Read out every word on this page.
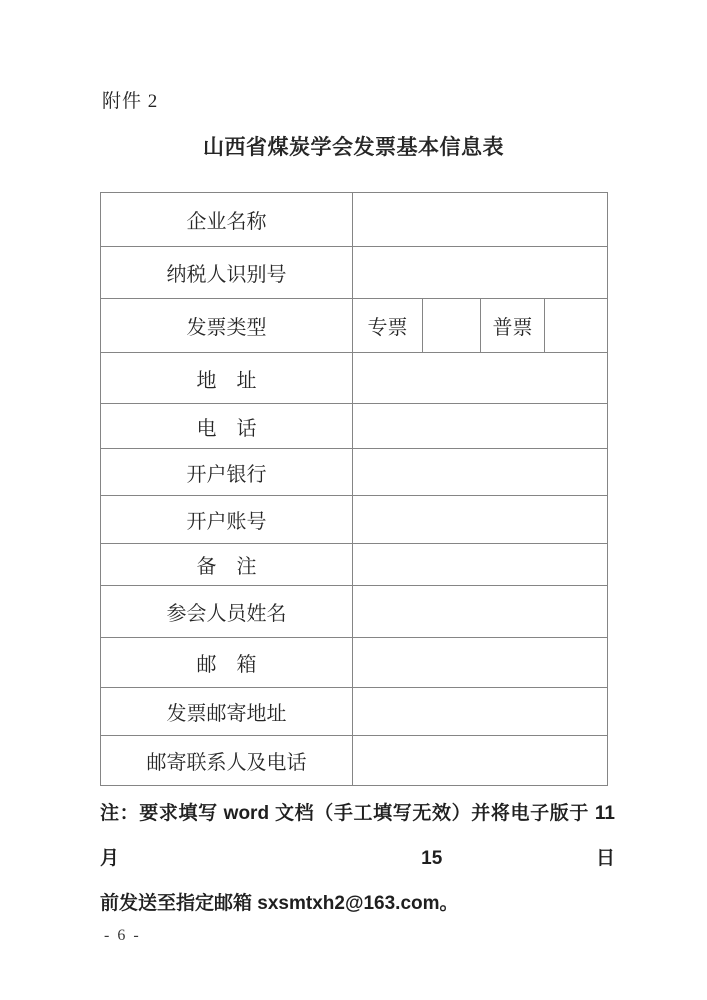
附件 2
山西省煤炭学会发票基本信息表
企业名称				
纳税人识别号				
发票类型	专票		普票	
地　址				
电　话				
开户银行				
开户账号				
备　注				
参会人员姓名				
邮　箱				
发票邮寄地址				
邮寄联系人及电话				
注：要求填写 word 文档（手工填写无效）并将电子版于 11 月 15 日
前发送至指定邮箱 sxsmtxh2@163.com。
- 6 -
